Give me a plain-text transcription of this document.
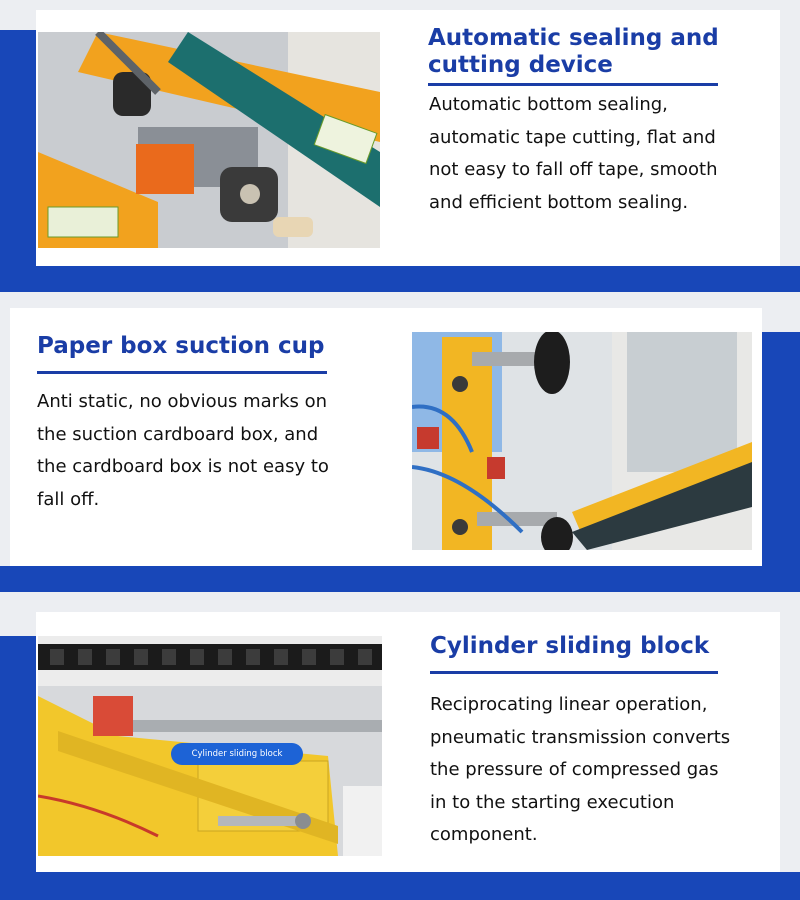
Automatic sealing and
cutting device

Automatic bottom sealing,
automatic tape cutting, flat and
not easy to fall off tape, smooth
and efficient bottom sealing.

Paper box suction cup

Anti static, no obvious marks on
the suction cardboard box, and
the cardboard box is not easy to
fall off.

Cylinder sliding block
Cylinder sliding block

Reciprocating linear operation,
pneumatic transmission converts
the pressure of compressed gas
in to the starting execution
component.
